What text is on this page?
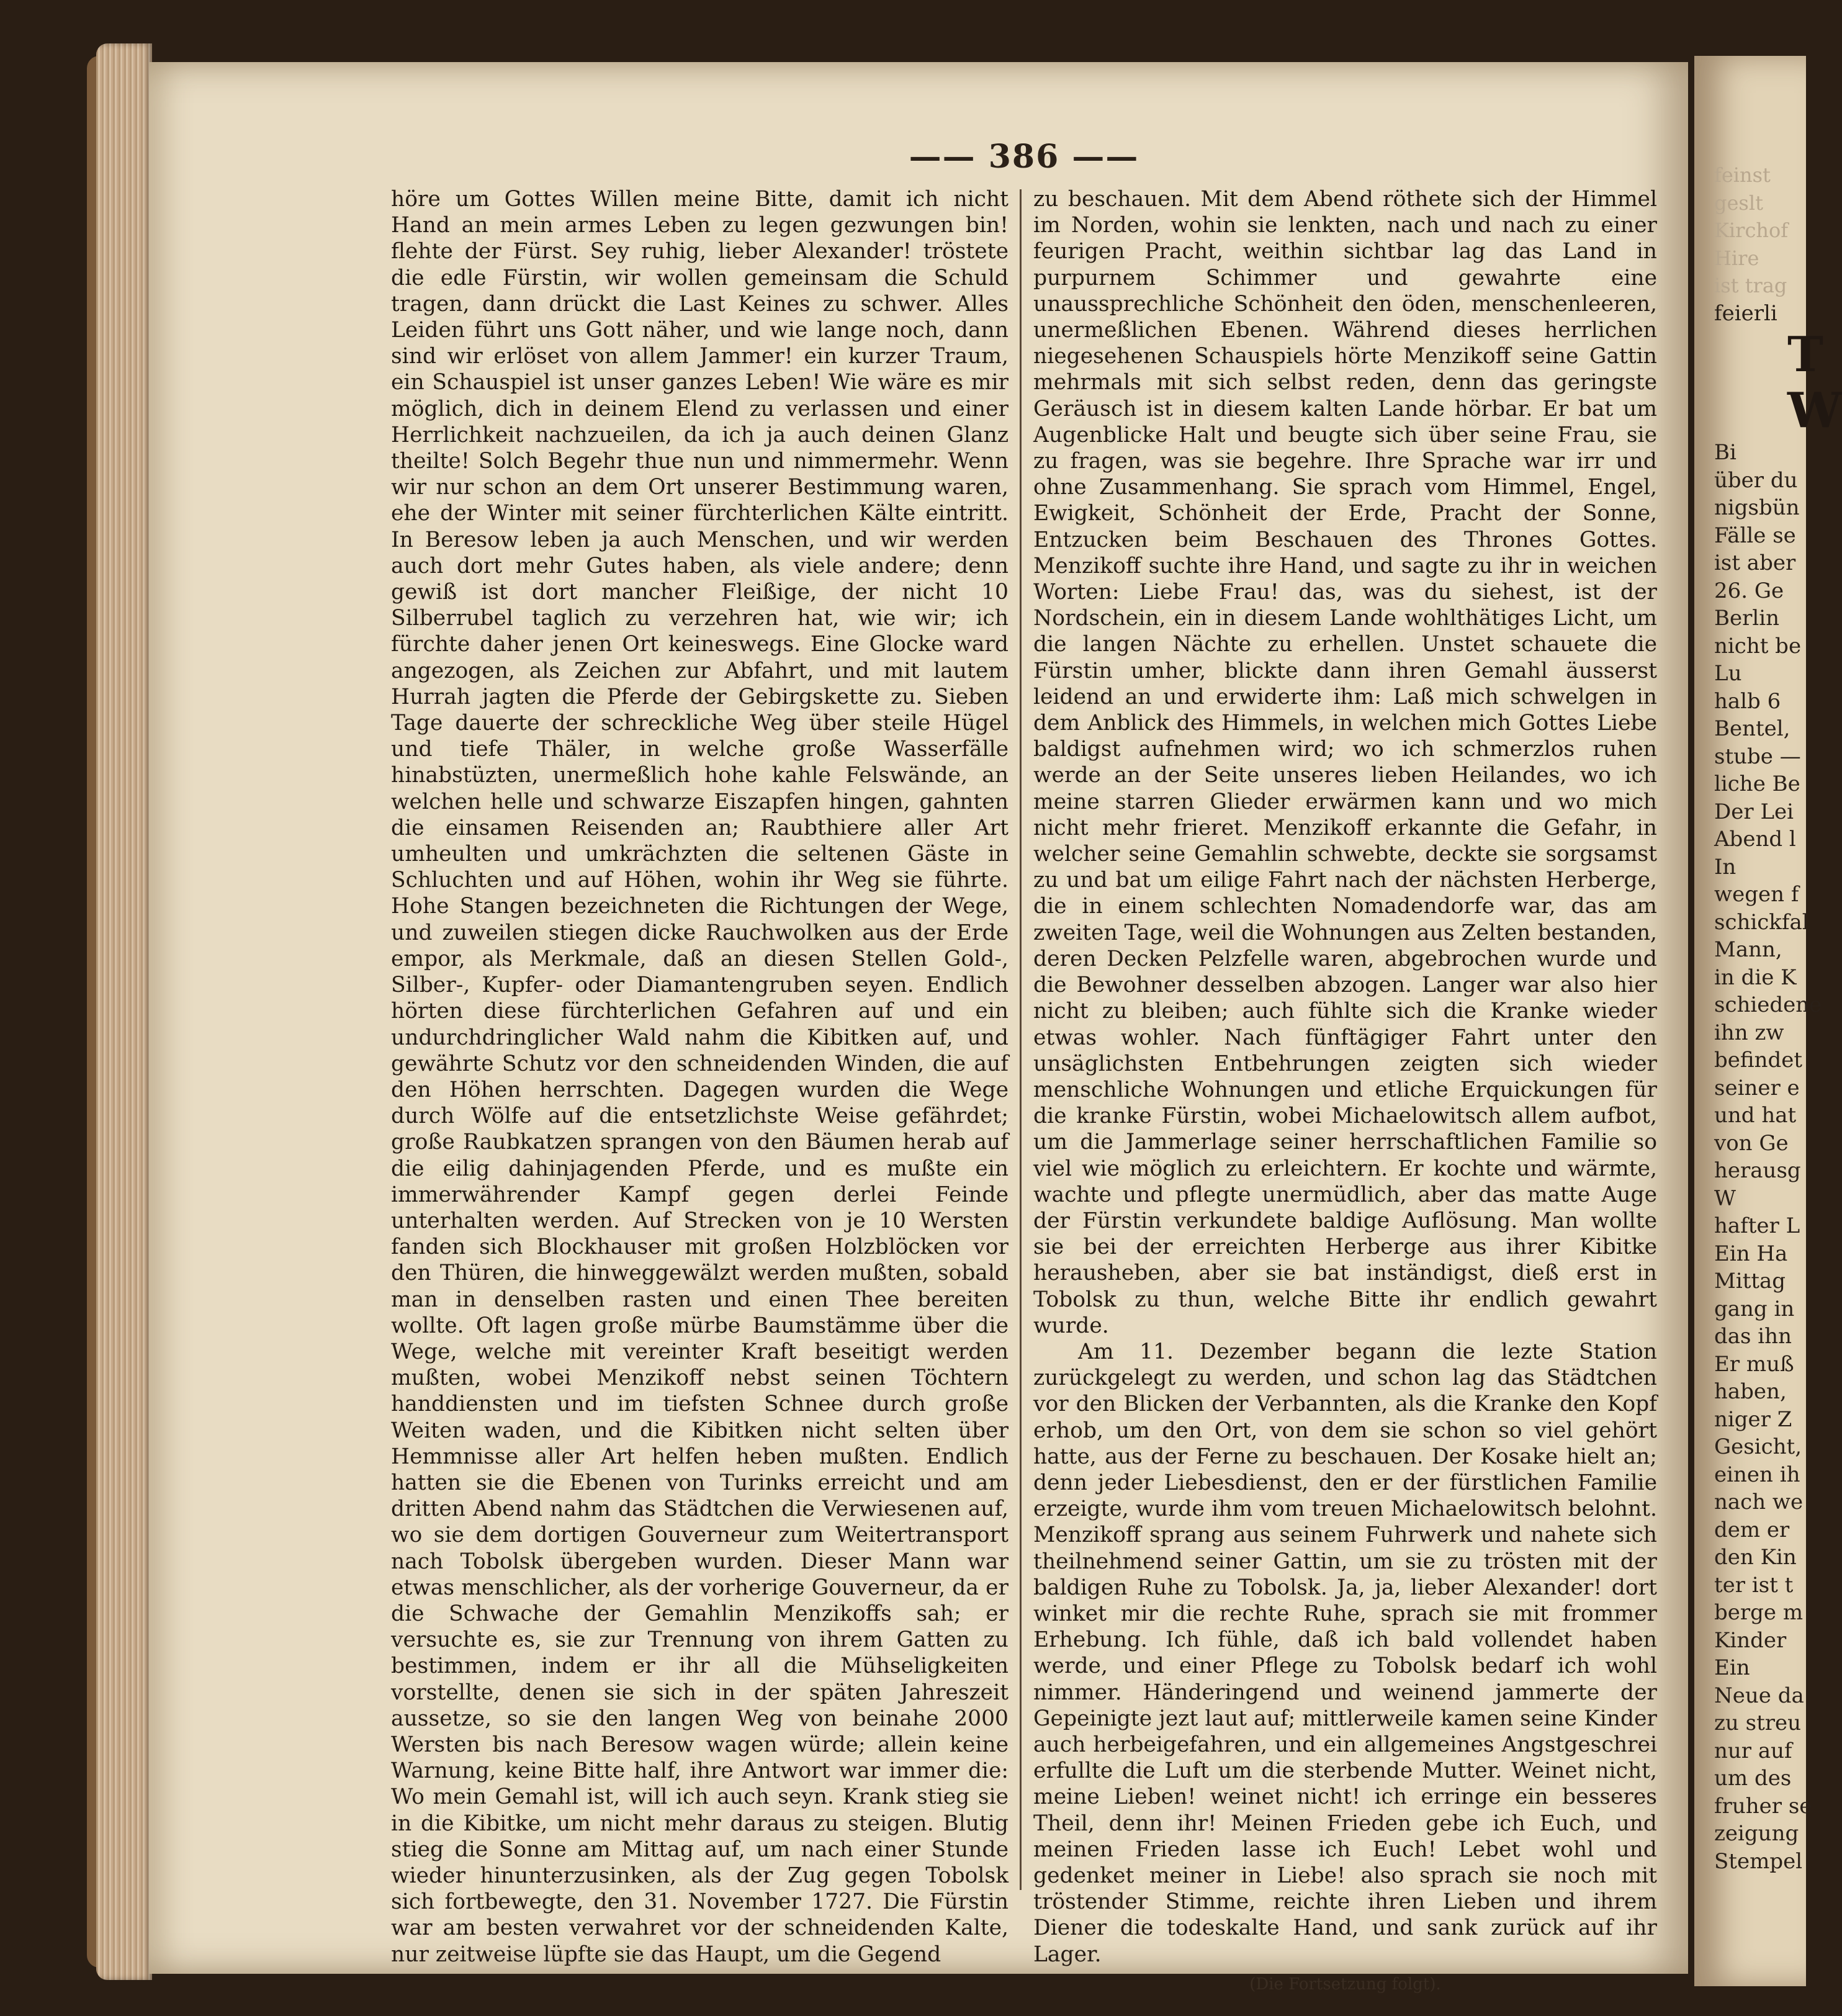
—— 386 ——

höre um Gottes Willen meine Bitte, damit ich nicht Hand an mein armes Leben zu legen gezwungen bin! flehte der Fürst. Sey ruhig, lieber Alexander! tröstete die edle Fürstin, wir wollen gemeinsam die Schuld tragen, dann drückt die Last Keines zu schwer. Alles Leiden führt uns Gott näher, und wie lange noch, dann sind wir erlöset von allem Jammer! ein kurzer Traum, ein Schauspiel ist unser ganzes Leben! Wie wäre es mir möglich, dich in deinem Elend zu verlassen und einer Herrlichkeit nachzueilen, da ich ja auch deinen Glanz theilte! Solch Begehr thue nun und nimmermehr. Wenn wir nur schon an dem Ort unserer Bestimmung waren, ehe der Winter mit seiner fürchterlichen Kälte eintritt. In Beresow leben ja auch Menschen, und wir werden auch dort mehr Gutes haben, als viele andere; denn gewiß ist dort mancher Fleißige, der nicht 10 Silberrubel taglich zu verzehren hat, wie wir; ich fürchte daher jenen Ort keineswegs. Eine Glocke ward angezogen, als Zeichen zur Abfahrt, und mit lautem Hurrah jagten die Pferde der Gebirgskette zu. Sieben Tage dauerte der schreckliche Weg über steile Hügel und tiefe Thäler, in welche große Wasserfälle hinabstüzten, unermeßlich hohe kahle Felswände, an welchen helle und schwarze Eiszapfen hingen, gahnten die einsamen Reisenden an; Raubthiere aller Art umheulten und umkrächzten die seltenen Gäste in Schluchten und auf Höhen, wohin ihr Weg sie führte. Hohe Stangen bezeichneten die Richtungen der Wege, und zuweilen stiegen dicke Rauchwolken aus der Erde empor, als Merkmale, daß an diesen Stellen Gold-, Silber-, Kupfer- oder Diamantengruben seyen. Endlich hörten diese fürchterlichen Gefahren auf und ein undurchdringlicher Wald nahm die Kibitken auf, und gewährte Schutz vor den schneidenden Winden, die auf den Höhen herrschten. Dagegen wurden die Wege durch Wölfe auf die entsetzlichste Weise gefährdet; große Raubkatzen sprangen von den Bäumen herab auf die eilig dahinjagenden Pferde, und es mußte ein immerwährender Kampf gegen derlei Feinde unterhalten werden. Auf Strecken von je 10 Wersten fanden sich Blockhauser mit großen Holzblöcken vor den Thüren, die hinweggewälzt werden mußten, sobald man in denselben rasten und einen Thee bereiten wollte. Oft lagen große mürbe Baumstämme über die Wege, welche mit vereinter Kraft beseitigt werden mußten, wobei Menzikoff nebst seinen Töchtern handdiensten und im tiefsten Schnee durch große Weiten waden, und die Kibitken nicht selten über Hemmnisse aller Art helfen heben mußten. Endlich hatten sie die Ebenen von Turinks erreicht und am dritten Abend nahm das Städtchen die Verwiesenen auf, wo sie dem dortigen Gouverneur zum Weitertransport nach Tobolsk übergeben wurden. Dieser Mann war etwas menschlicher, als der vorherige Gouverneur, da er die Schwache der Gemahlin Menzikoffs sah; er versuchte es, sie zur Trennung von ihrem Gatten zu bestimmen, indem er ihr all die Mühseligkeiten vorstellte, denen sie sich in der späten Jahreszeit aussetze, so sie den langen Weg von beinahe 2000 Wersten bis nach Beresow wagen würde; allein keine Warnung, keine Bitte half, ihre Antwort war immer die: Wo mein Gemahl ist, will ich auch seyn. Krank stieg sie in die Kibitke, um nicht mehr daraus zu steigen. Blutig stieg die Sonne am Mittag auf, um nach einer Stunde wieder hinunterzusinken, als der Zug gegen Tobolsk sich fortbewegte, den 31. November 1727. Die Fürstin war am besten verwahret vor der schneidenden Kalte, nur zeitweise lüpfte sie das Haupt, um die Gegend

zu beschauen. Mit dem Abend röthete sich der Himmel im Norden, wohin sie lenkten, nach und nach zu einer feurigen Pracht, weithin sichtbar lag das Land in purpurnem Schimmer und gewahrte eine unaussprechliche Schönheit den öden, menschenleeren, unermeßlichen Ebenen. Während dieses herrlichen niegesehenen Schauspiels hörte Menzikoff seine Gattin mehrmals mit sich selbst reden, denn das geringste Geräusch ist in diesem kalten Lande hörbar. Er bat um Augenblicke Halt und beugte sich über seine Frau, sie zu fragen, was sie begehre. Ihre Sprache war irr und ohne Zusammenhang. Sie sprach vom Himmel, Engel, Ewigkeit, Schönheit der Erde, Pracht der Sonne, Entzucken beim Beschauen des Thrones Gottes. Menzikoff suchte ihre Hand, und sagte zu ihr in weichen Worten: Liebe Frau! das, was du siehest, ist der Nordschein, ein in diesem Lande wohlthätiges Licht, um die langen Nächte zu erhellen. Unstet schauete die Fürstin umher, blickte dann ihren Gemahl äusserst leidend an und erwiderte ihm: Laß mich schwelgen in dem Anblick des Himmels, in welchen mich Gottes Liebe baldigst aufnehmen wird; wo ich schmerzlos ruhen werde an der Seite unseres lieben Heilandes, wo ich meine starren Glieder erwärmen kann und wo mich nicht mehr frieret. Menzikoff erkannte die Gefahr, in welcher seine Gemahlin schwebte, deckte sie sorgsamst zu und bat um eilige Fahrt nach der nächsten Herberge, die in einem schlechten Nomadendorfe war, das am zweiten Tage, weil die Wohnungen aus Zelten bestanden, deren Decken Pelzfelle waren, abgebrochen wurde und die Bewohner desselben abzogen. Langer war also hier nicht zu bleiben; auch fühlte sich die Kranke wieder etwas wohler. Nach fünftägiger Fahrt unter den unsäglichsten Entbehrungen zeigten sich wieder menschliche Wohnungen und etliche Erquickungen für die kranke Fürstin, wobei Michaelowitsch allem aufbot, um die Jammerlage seiner herrschaftlichen Familie so viel wie möglich zu erleichtern. Er kochte und wärmte, wachte und pflegte unermüdlich, aber das matte Auge der Fürstin verkundete baldige Auflösung. Man wollte sie bei der erreichten Herberge aus ihrer Kibitke herausheben, aber sie bat inständigst, dieß erst in Tobolsk zu thun, welche Bitte ihr endlich gewahrt wurde.

Am 11. Dezember begann die lezte Station zurückgelegt zu werden, und schon lag das Städtchen vor den Blicken der Verbannten, als die Kranke den Kopf erhob, um den Ort, von dem sie schon so viel gehört hatte, aus der Ferne zu beschauen. Der Kosake hielt an; denn jeder Liebesdienst, den er der fürstlichen Familie erzeigte, wurde ihm vom treuen Michaelowitsch belohnt. Menzikoff sprang aus seinem Fuhrwerk und nahete sich theilnehmend seiner Gattin, um sie zu trösten mit der baldigen Ruhe zu Tobolsk. Ja, ja, lieber Alexander! dort winket mir die rechte Ruhe, sprach sie mit frommer Erhebung. Ich fühle, daß ich bald vollendet haben werde, und einer Pflege zu Tobolsk bedarf ich wohl nimmer. Händeringend und weinend jammerte der Gepeinigte jezt laut auf; mittlerweile kamen seine Kinder auch herbeigefahren, und ein allgemeines Angstgeschrei erfullte die Luft um die sterbende Mutter. Weinet nicht, meine Lieben! weinet nicht! ich erringe ein besseres Theil, denn ihr! Meinen Frieden gebe ich Euch, und meinen Frieden lasse ich Euch! Lebet wohl und gedenket meiner in Liebe! also sprach sie noch mit tröstender Stimme, reichte ihren Lieben und ihrem Diener die todeskalte Hand, und sank zurück auf ihr Lager.

(Die Fortsetzung folgt).

feinst
geslt
Kirchof
Hire
ist trag
feierli
T
W
Bi
über du
nigsbün
Fälle se
ist aber
26. Ge
Berlin
nicht be
Lu
halb 6
Bentel,
stube —
liche Be
Der Lei
Abend l
In
wegen f
schickfal
Mann,
in die K
schiedene
ihn zw
befindet
seiner e
und hat
von Ge
herausg
W
hafter L
Ein Ha
Mittag
gang in
das ihn
Er muß
haben,
niger Z
Gesicht,
einen ih
nach we
dem er
den Kin
ter ist t
berge m
Kinder
Ein
Neue da
zu streu
nur auf
um des
fruher se
zeigung
Stempel
